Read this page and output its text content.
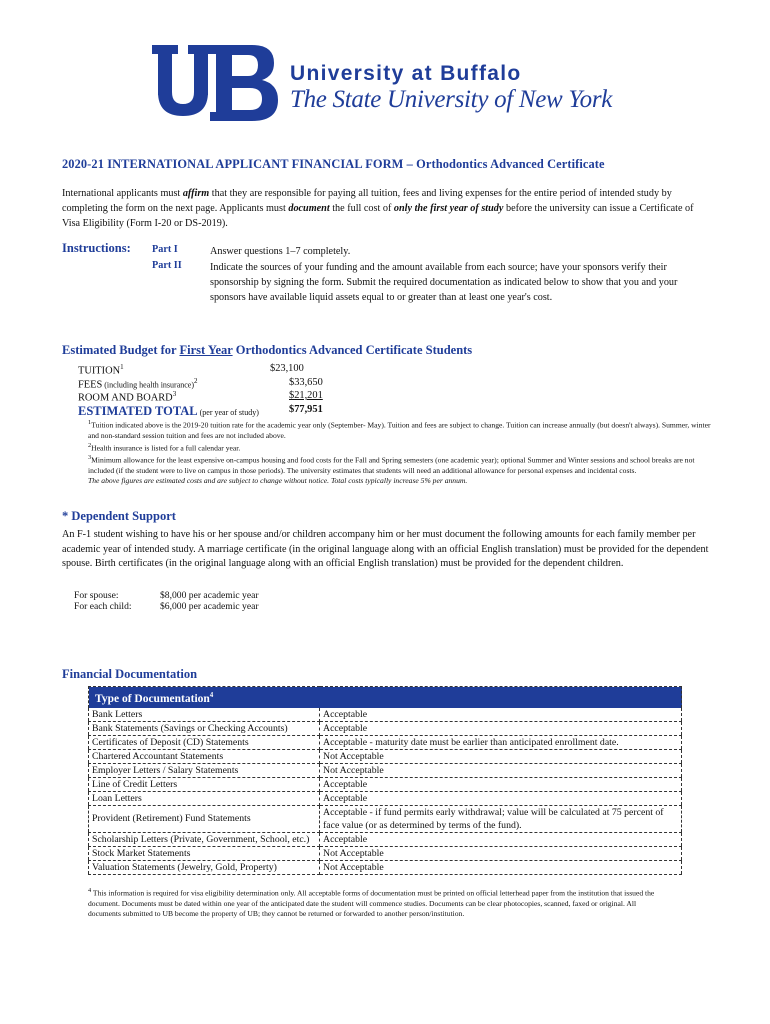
University at Buffalo
The State University of New York
2020-21 INTERNATIONAL APPLICANT FINANCIAL FORM – Orthodontics Advanced Certificate
International applicants must affirm that they are responsible for paying all tuition, fees and living expenses for the entire period of intended study by completing the form on the next page. Applicants must document the full cost of only the first year of study before the university can issue a Certificate of Visa Eligibility (Form I-20 or DS-2019).
Instructions: Part I	Answer questions 1–7 completely.
Part II	Indicate the sources of your funding and the amount available from each source; have your sponsors verify their sponsorship by signing the form. Submit the required documentation as indicated below to show that you and your sponsors have available liquid assets equal to or greater than at least one year's cost.
Estimated Budget for First Year Orthodontics Advanced Certificate Students
TUITION$^1$	$23,100
FEES (including health insurance)$^2$	$33,650
ROOM AND BOARD$^3$	$21,201
ESTIMATED TOTAL (per year of study)	$77,951
$^1$Tuition indicated above is the 2019-20 tuition rate for the academic year only (September- May). Tuition and fees are subject to change. Tuition can increase annually (but doesn't always). Summer, winter and non-standard session tuition and fees are not included above.
$^2$Health insurance is listed for a full calendar year.
$^3$Minimum allowance for the least expensive on-campus housing and food costs for the Fall and Spring semesters (one academic year); optional Summer and Winter sessions and school breaks are not included (if the student were to live on campus in those periods). The university estimates that students will need an additional allowance for personal expenses and incidental costs.
The above figures are estimated costs and are subject to change without notice. Total costs typically increase 5% per annum.
* Dependent Support
An F-1 student wishing to have his or her spouse and/or children accompany him or her must document the following amounts for each family member per academic year of intended study. A marriage certificate (in the original language along with an official English translation) must be provided for the dependent spouse. Birth certificates (in the original language along with an official English translation) must be provided for the dependent children.
For spouse:	$8,000 per academic year
For each child:	$6,000 per academic year
Financial Documentation
Type of Documentation$^4$
Bank Letters	Acceptable
Bank Statements (Savings or Checking Accounts)	Acceptable
Certificates of Deposit (CD) Statements	Acceptable - maturity date must be earlier than anticipated enrollment date.
Chartered Accountant Statements	Not Acceptable
Employer Letters / Salary Statements	Not Acceptable
Line of Credit Letters	Acceptable
Loan Letters	Acceptable
Provident (Retirement) Fund Statements	Acceptable - if fund permits early withdrawal; value will be calculated at 75 percent of face value (or as determined by terms of the fund).
Scholarship Letters (Private, Government, School, etc.)	Acceptable
Stock Market Statements	Not Acceptable
Valuation Statements (Jewelry, Gold, Property)	Not Acceptable
$^4$ This information is required for visa eligibility determination only. All acceptable forms of documentation must be printed on official letterhead paper from the institution that issued the document. Documents must be dated within one year of the anticipated date the student will commence studies. Documents can be clear photocopies, scanned, faxed or original. All documents submitted to UB become the property of UB; they cannot be returned or forwarded to another person/institution.
